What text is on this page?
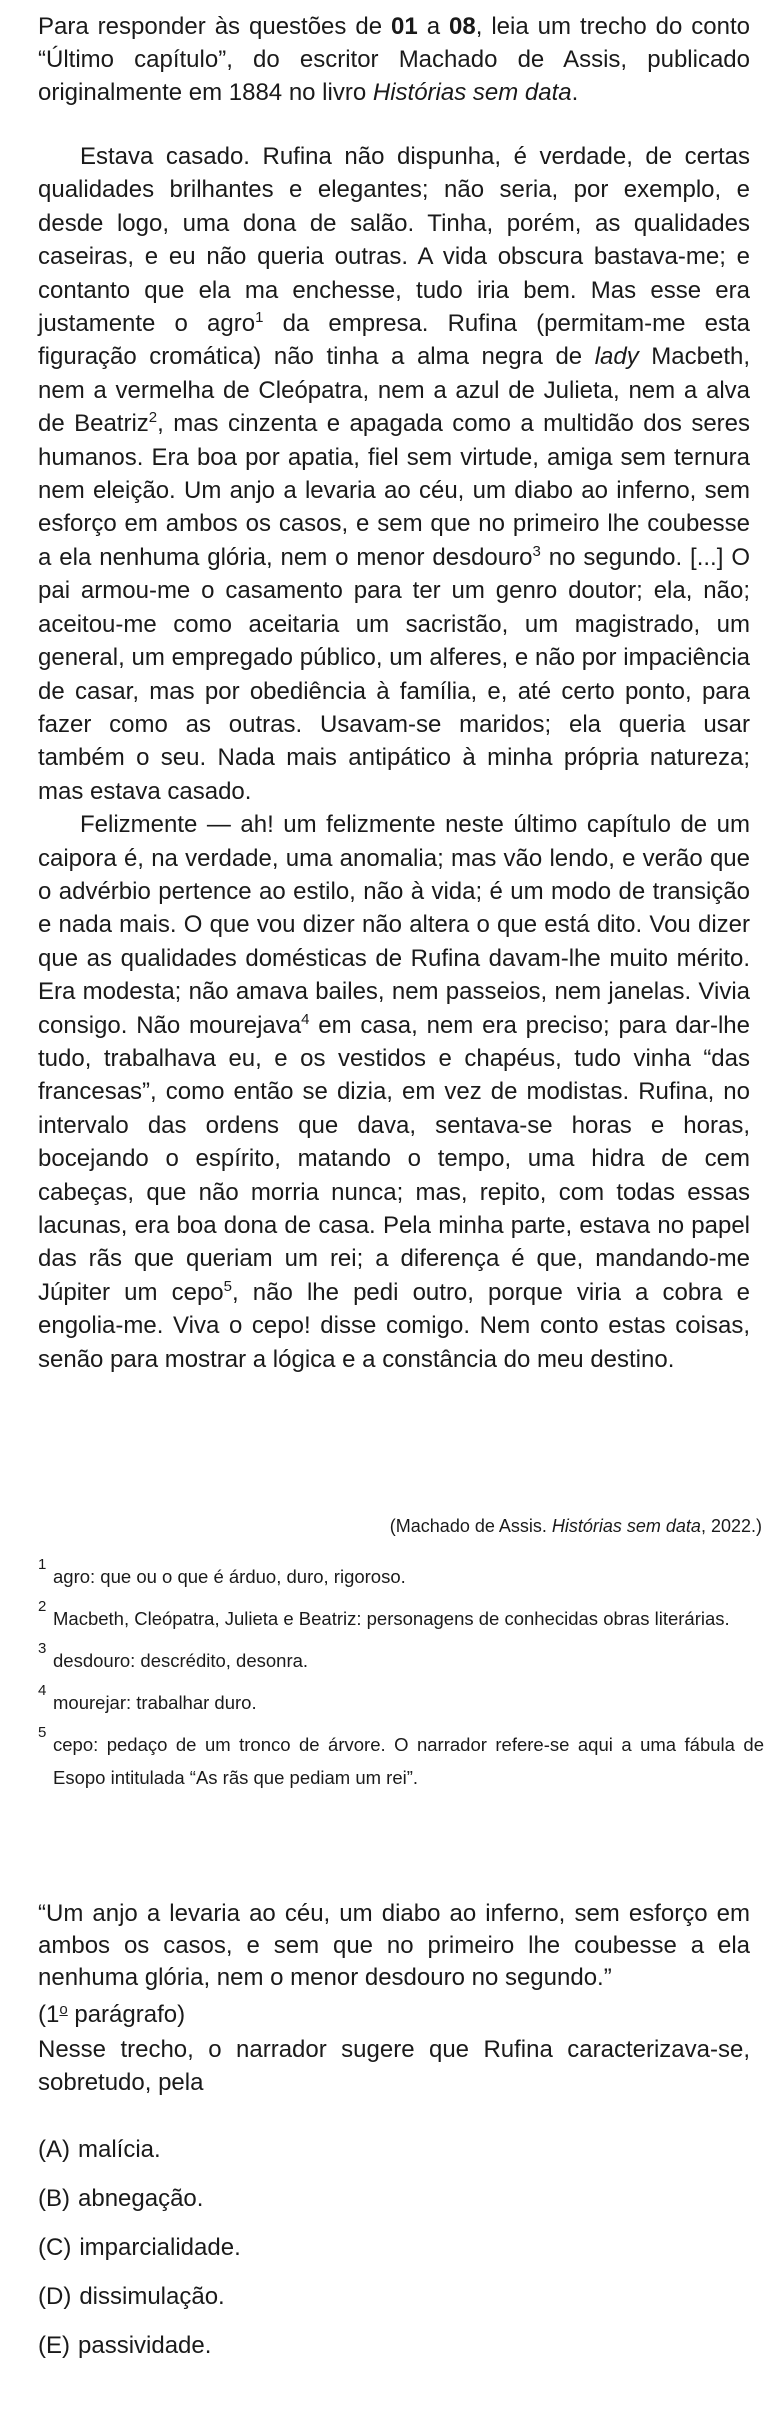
Para responder às questões de 01 a 08, leia um trecho do conto “Último capítulo”, do escritor Machado de Assis, publicado originalmente em 1884 no livro Histórias sem data.

Estava casado. Rufina não dispunha, é verdade, de certas qualidades brilhantes e elegantes; não seria, por exemplo, e desde logo, uma dona de salão. Tinha, porém, as qualidades caseiras, e eu não queria outras. A vida obscura bastava-me; e contanto que ela ma enchesse, tudo iria bem. Mas esse era justamente o agro$^1$ da empresa. Rufina (permitam-me esta figuração cromática) não tinha a alma negra de lady Macbeth, nem a vermelha de Cleópatra, nem a azul de Julieta, nem a alva de Beatriz$^2$, mas cinzenta e apagada como a multidão dos seres humanos. Era boa por apatia, fiel sem virtude, amiga sem ternura nem eleição. Um anjo a levaria ao céu, um diabo ao inferno, sem esforço em ambos os casos, e sem que no primeiro lhe coubesse a ela nenhuma glória, nem o menor desdouro$^3$ no segundo. [...] O pai armou-me o casamento para ter um genro doutor; ela, não; aceitou-me como aceitaria um sacristão, um magistrado, um general, um empregado público, um alferes, e não por impaciência de casar, mas por obediência à família, e, até certo ponto, para fazer como as outras. Usavam-se maridos; ela queria usar também o seu. Nada mais antipático à minha própria natureza; mas estava casado.

Felizmente — ah! um felizmente neste último capítulo de um caipora é, na verdade, uma anomalia; mas vão lendo, e verão que o advérbio pertence ao estilo, não à vida; é um modo de transição e nada mais. O que vou dizer não altera o que está dito. Vou dizer que as qualidades domésticas de Rufina davam-lhe muito mérito. Era modesta; não amava bailes, nem passeios, nem janelas. Vivia consigo. Não mourejava$^4$ em casa, nem era preciso; para dar-lhe tudo, trabalhava eu, e os vestidos e chapéus, tudo vinha “das francesas”, como então se dizia, em vez de modistas. Rufina, no intervalo das ordens que dava, sentava-se horas e horas, bocejando o espírito, matando o tempo, uma hidra de cem cabeças, que não morria nunca; mas, repito, com todas essas lacunas, era boa dona de casa. Pela minha parte, estava no papel das rãs que queriam um rei; a diferença é que, mandando-me Júpiter um cepo$^5$, não lhe pedi outro, porque viria a cobra e engolia-me. Viva o cepo! disse comigo. Nem conto estas coisas, senão para mostrar a lógica e a constância do meu destino.

(Machado de Assis. Histórias sem data, 2022.)

1
agro: que ou o que é árduo, duro, rigoroso.

2
Macbeth, Cleópatra, Julieta e Beatriz: personagens de conhecidas obras literárias.

3
desdouro: descrédito, desonra.

4
mourejar: trabalhar duro.

5
cepo: pedaço de um tronco de árvore. O narrador refere-se aqui a uma fábula de Esopo intitulada “As rãs que pediam um rei”.

“Um anjo a levaria ao céu, um diabo ao inferno, sem esforço em ambos os casos, e sem que no primeiro lhe coubesse a ela nenhuma glória, nem o menor desdouro no segundo.”
(1$^o$ parágrafo)

Nesse trecho, o narrador sugere que Rufina caracterizava-se, sobretudo, pela

(A) malícia.
(B) abnegação.
(C) imparcialidade.
(D) dissimulação.
(E) passividade.
